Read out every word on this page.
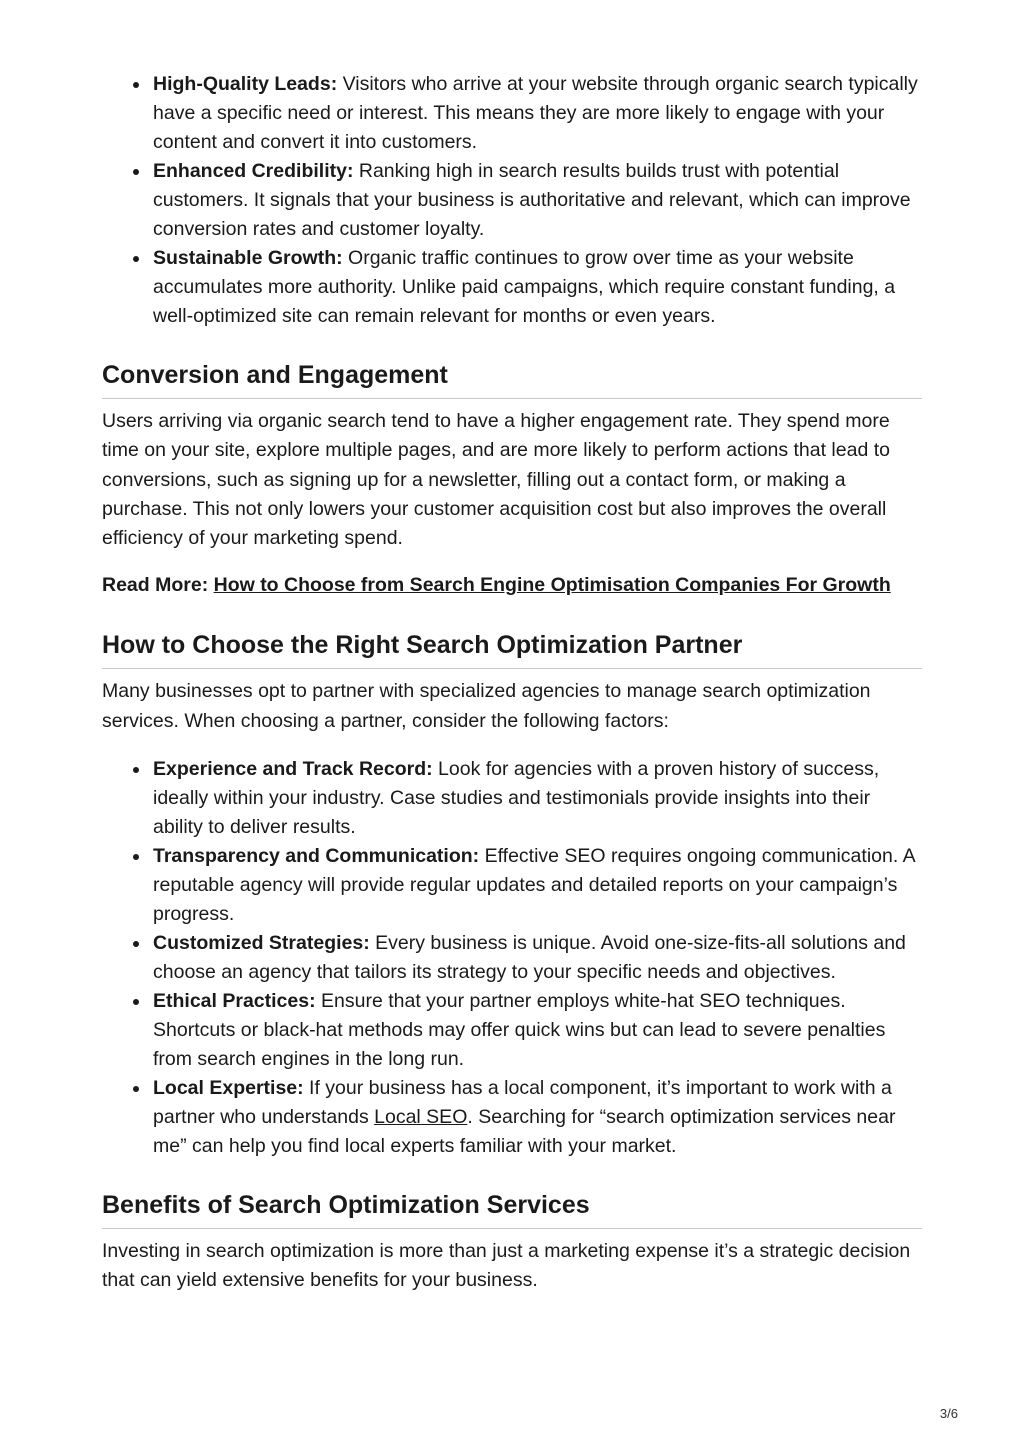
High-Quality Leads: Visitors who arrive at your website through organic search typically have a specific need or interest. This means they are more likely to engage with your content and convert it into customers.
Enhanced Credibility: Ranking high in search results builds trust with potential customers. It signals that your business is authoritative and relevant, which can improve conversion rates and customer loyalty.
Sustainable Growth: Organic traffic continues to grow over time as your website accumulates more authority. Unlike paid campaigns, which require constant funding, a well-optimized site can remain relevant for months or even years.
Conversion and Engagement

Users arriving via organic search tend to have a higher engagement rate. They spend more time on your site, explore multiple pages, and are more likely to perform actions that lead to conversions, such as signing up for a newsletter, filling out a contact form, or making a purchase. This not only lowers your customer acquisition cost but also improves the overall efficiency of your marketing spend.

Read More: How to Choose from Search Engine Optimisation Companies For Growth
How to Choose the Right Search Optimization Partner

Many businesses opt to partner with specialized agencies to manage search optimization services. When choosing a partner, consider the following factors:

Experience and Track Record: Look for agencies with a proven history of success, ideally within your industry. Case studies and testimonials provide insights into their ability to deliver results.
Transparency and Communication: Effective SEO requires ongoing communication. A reputable agency will provide regular updates and detailed reports on your campaign’s progress.
Customized Strategies: Every business is unique. Avoid one-size-fits-all solutions and choose an agency that tailors its strategy to your specific needs and objectives.
Ethical Practices: Ensure that your partner employs white-hat SEO techniques. Shortcuts or black-hat methods may offer quick wins but can lead to severe penalties from search engines in the long run.
Local Expertise: If your business has a local component, it’s important to work with a partner who understands Local SEO. Searching for “search optimization services near me” can help you find local experts familiar with your market.
Benefits of Search Optimization Services

Investing in search optimization is more than just a marketing expense it’s a strategic decision that can yield extensive benefits for your business.

3/6
